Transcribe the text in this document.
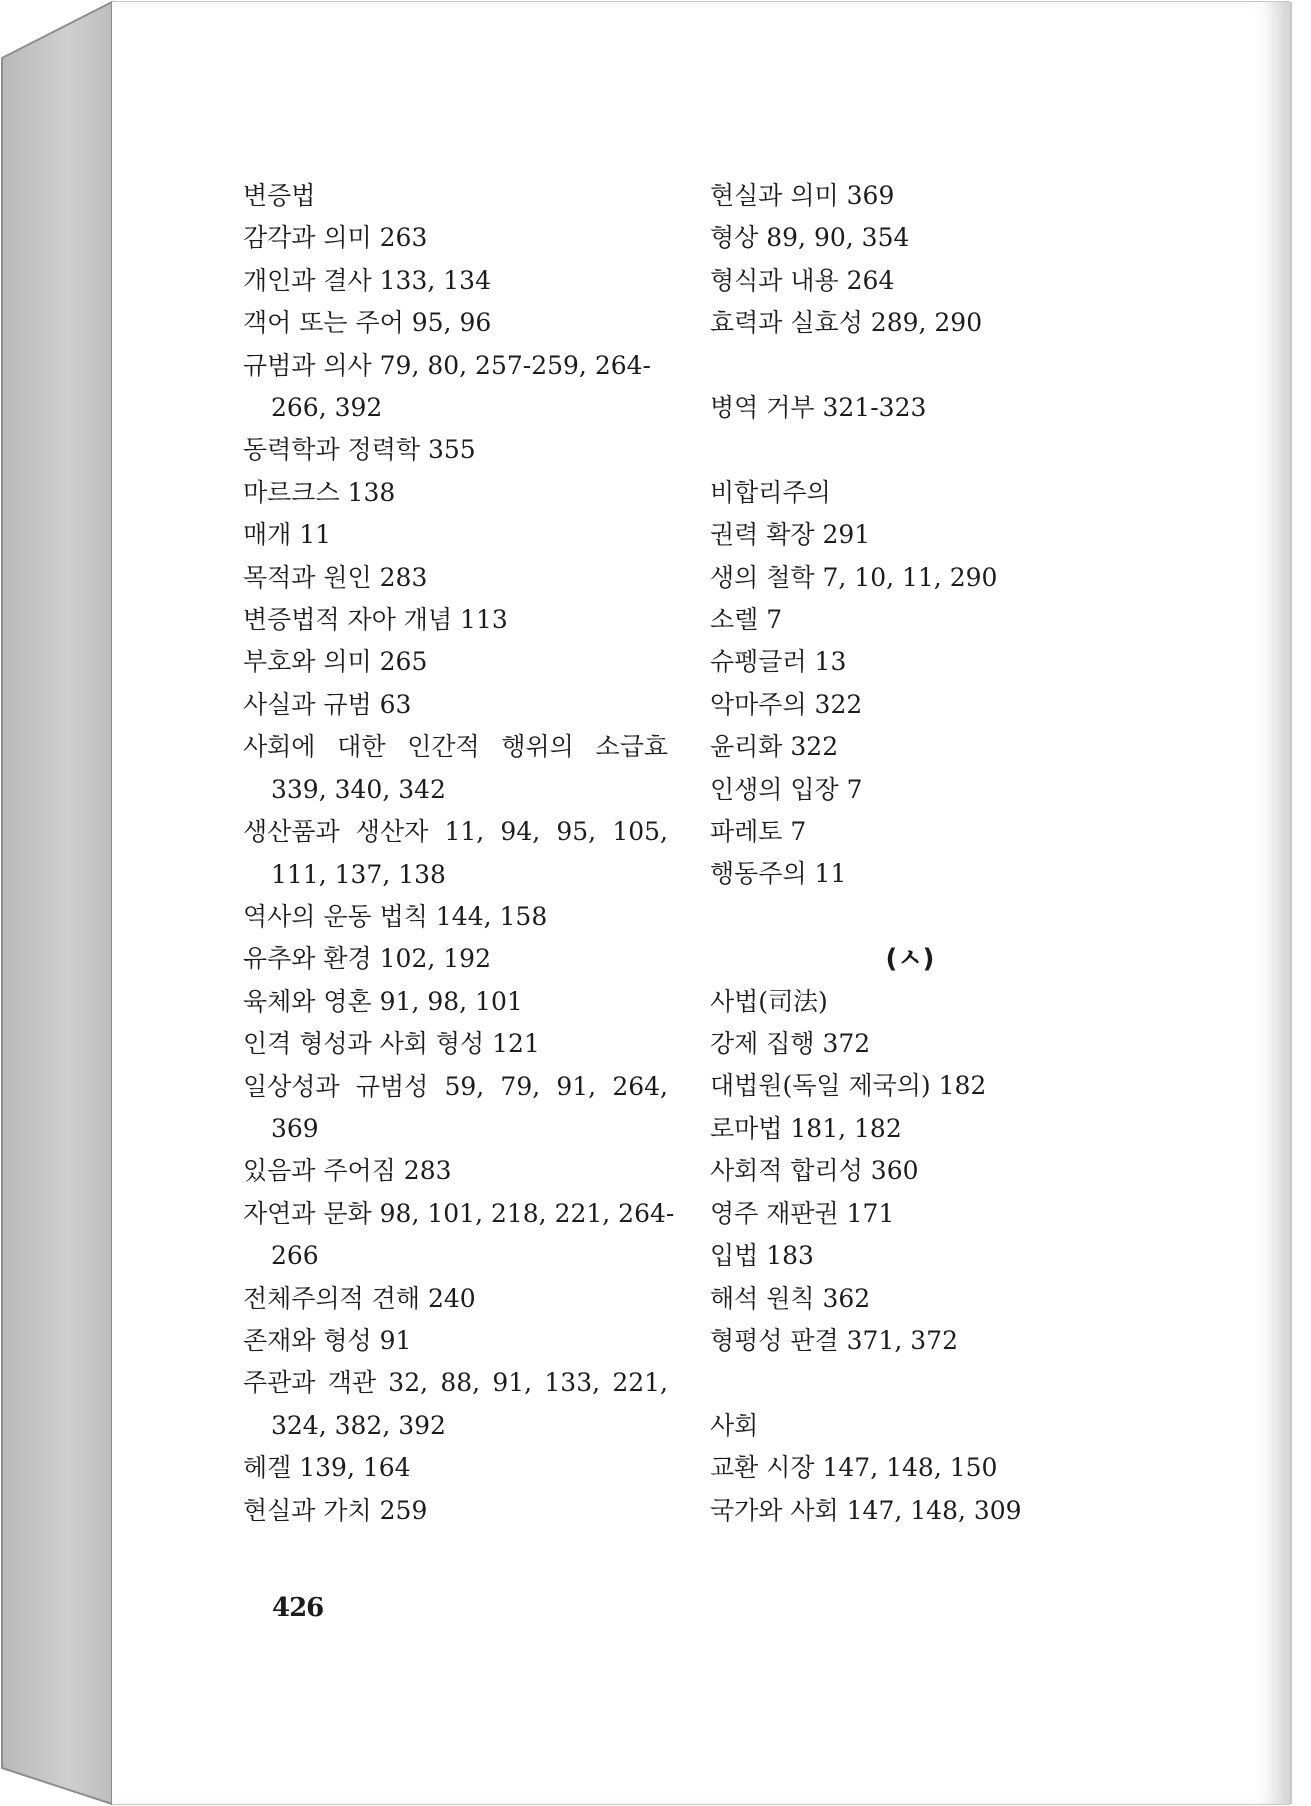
변증법
감각과 의미 263
개인과 결사 133, 134
객어 또는 주어 95, 96
규범과 의사 79, 80, 257-259, 264-
266, 392
동력학과 정력학 355
마르크스 138
매개 11
목적과 원인 283
변증법적 자아 개념 113
부호와 의미 265
사실과 규범 63
사회에 대한 인간적 행위의 소급효
339, 340, 342
생산품과 생산자 11, 94, 95, 105,
111, 137, 138
역사의 운동 법칙 144, 158
유추와 환경 102, 192
육체와 영혼 91, 98, 101
인격 형성과 사회 형성 121
일상성과 규범성 59, 79, 91, 264,
369
있음과 주어짐 283
자연과 문화 98, 101, 218, 221, 264-
266
전체주의적 견해 240
존재와 형성 91
주관과 객관 32, 88, 91, 133, 221,
324, 382, 392
헤겔 139, 164
현실과 가치 259
현실과 의미 369
형상 89, 90, 354
형식과 내용 264
효력과 실효성 289, 290
병역 거부 321-323
비합리주의
권력 확장 291
생의 철학 7, 10, 11, 290
소렐 7
슈펭글러 13
악마주의 322
윤리화 322
인생의 입장 7
파레토 7
행동주의 11
(ㅅ)
사법(司法)
강제 집행 372
대법원(독일 제국의) 182
로마법 181, 182
사회적 합리성 360
영주 재판권 171
입법 183
해석 원칙 362
형평성 판결 371, 372
사회
교환 시장 147, 148, 150
국가와 사회 147, 148, 309
426
